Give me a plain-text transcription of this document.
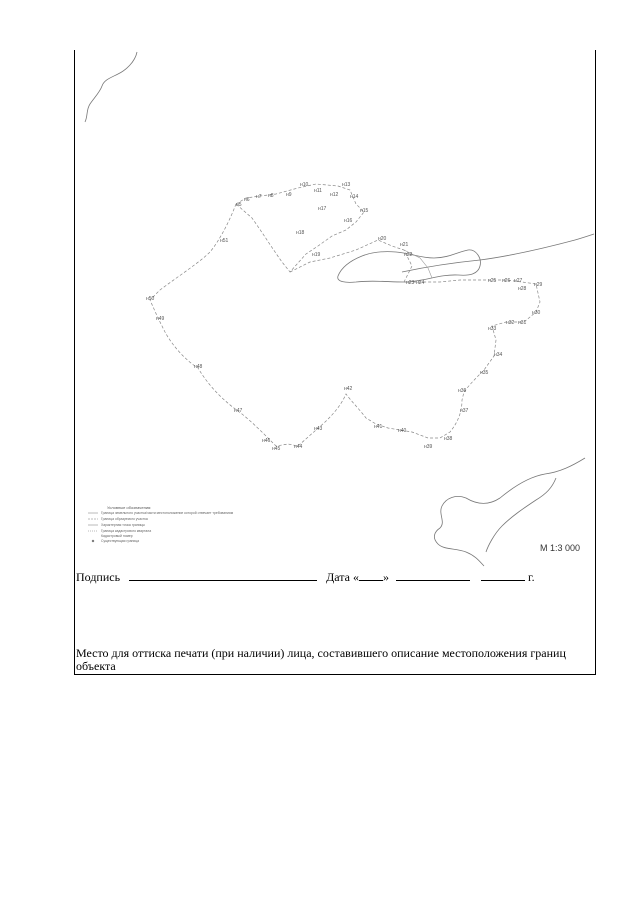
н5
н6 н7 н8 н9
н10
н11
н12
н13
н14
н15
н16
н17
н18
н19
н20
н21
н22
н23 н24	н25 н26 н27
н28
н29
н30
н31
н32
н33
н34
н35
н36
н37
н38
н39
н40
н41
н42
н43
н44
н45
н46
н47
н48
н49
н50
н51
Условные обозначения:
Граница земельного участка/части местоположение которой отвечает требованиям
Граница образуемого участка
Характерная точка границы
Граница кадастрового квартала
Кадастровый номер
Существующая граница
М 1:3 000
Подпись	Дата « »	г.
Место для оттиска печати (при наличии) лица, составившего описание местоположения границ объекта
